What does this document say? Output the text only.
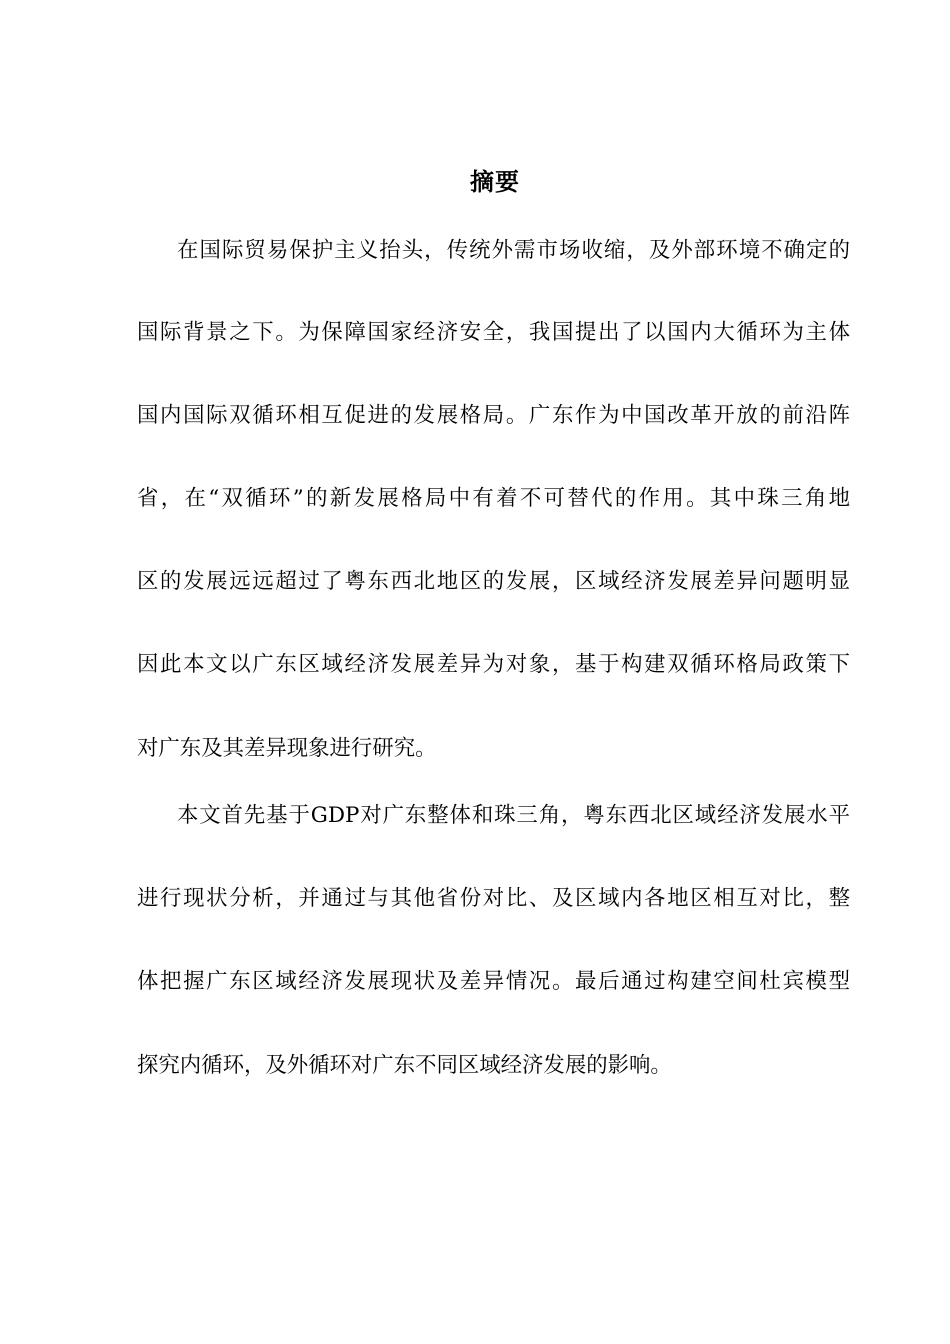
摘要
在国际贸易保护主义抬头，传统外需市场收缩，及外部环境不确定的
国际背景之下。为保障国家经济安全，我国提出了以国内大循环为主体
国内国际双循环相互促进的发展格局。广东作为中国改革开放的前沿阵
省，在“双循环”的新发展格局中有着不可替代的作用。其中珠三角地
区的发展远远超过了粤东西北地区的发展，区域经济发展差异问题明显
因此本文以广东区域经济发展差异为对象，基于构建双循环格局政策下
对广东及其差异现象进行研究。
本文首先基于GDP对广东整体和珠三角，粤东西北区域经济发展水平
进行现状分析，并通过与其他省份对比、及区域内各地区相互对比，整
体把握广东区域经济发展现状及差异情况。最后通过构建空间杜宾模型
探究内循环，及外循环对广东不同区域经济发展的影响。
